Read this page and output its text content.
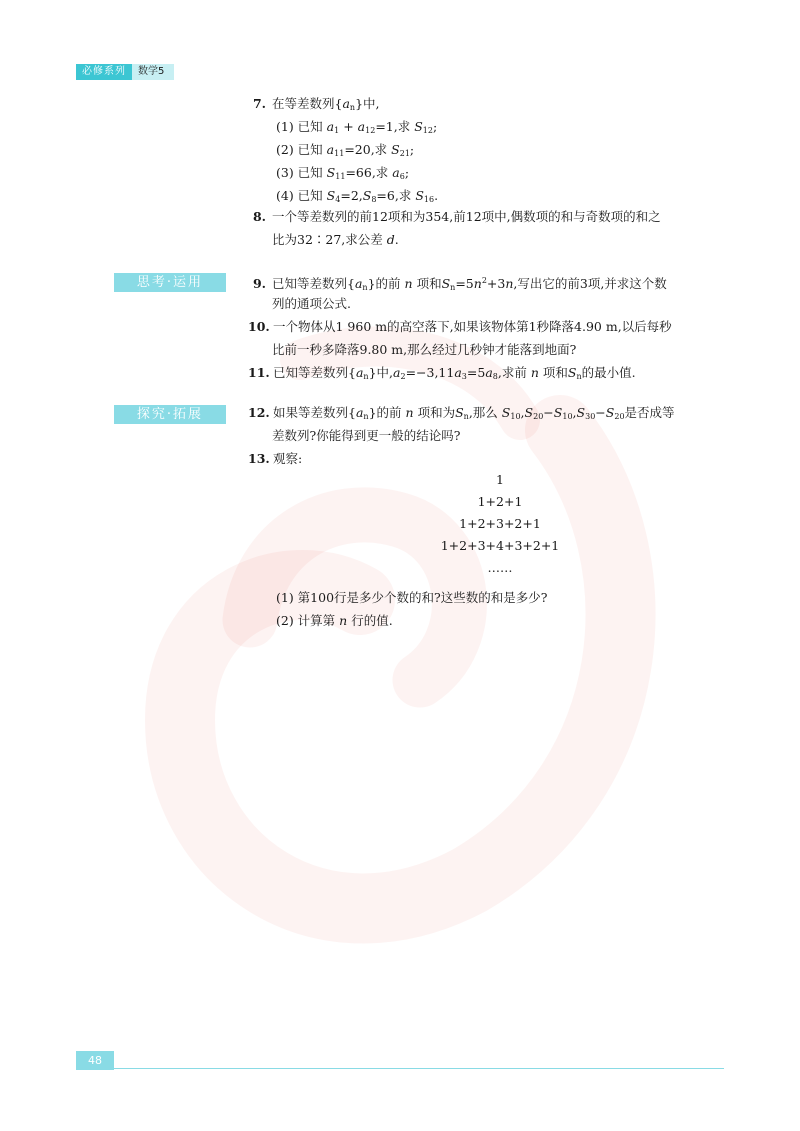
必修系列	数学5
7. 在等差数列$\{a_n\}$中,
(1) 已知 $a_1 + a_{12}=1$,求 $S_{12}$;
(2) 已知 $a_{11}=20$,求 $S_{21}$;
(3) 已知 $S_{11}=66$,求 $a_6$;
(4) 已知 $S_4=2,S_8=6$,求 $S_{16}$.
8. 一个等差数列的前12项和为354,前12项中,偶数项的和与奇数项的和之
比为32∶27,求公差 d.
思考·运用	9. 已知等差数列$\{a_n\}$的前 n 项和$S_n=5n^2+3n$,写出它的前3项,并求这个数
列的通项公式.
10. 一个物体从1 960 m的高空落下,如果该物体第1秒降落4.90 m,以后每秒
比前一秒多降落9.80 m,那么经过几秒钟才能落到地面?
11. 已知等差数列$\{a_n\}$中$,a_2=-3,11a_3=5a_8$,求前 n 项和$S_n$的最小值.
探究·拓展	12. 如果等差数列$\{a_n\}$的前 n 项和为$S_n$,那么 $S_{10},S_{20}-S_{10},S_{30}-S_{20}$是否成等
差数列?你能得到更一般的结论吗?
13. 观察:
1
1+2+1
1+2+3+2+1
1+2+3+4+3+2+1
……
(1) 第100行是多少个数的和?这些数的和是多少?
(2) 计算第 n 行的值.
48
